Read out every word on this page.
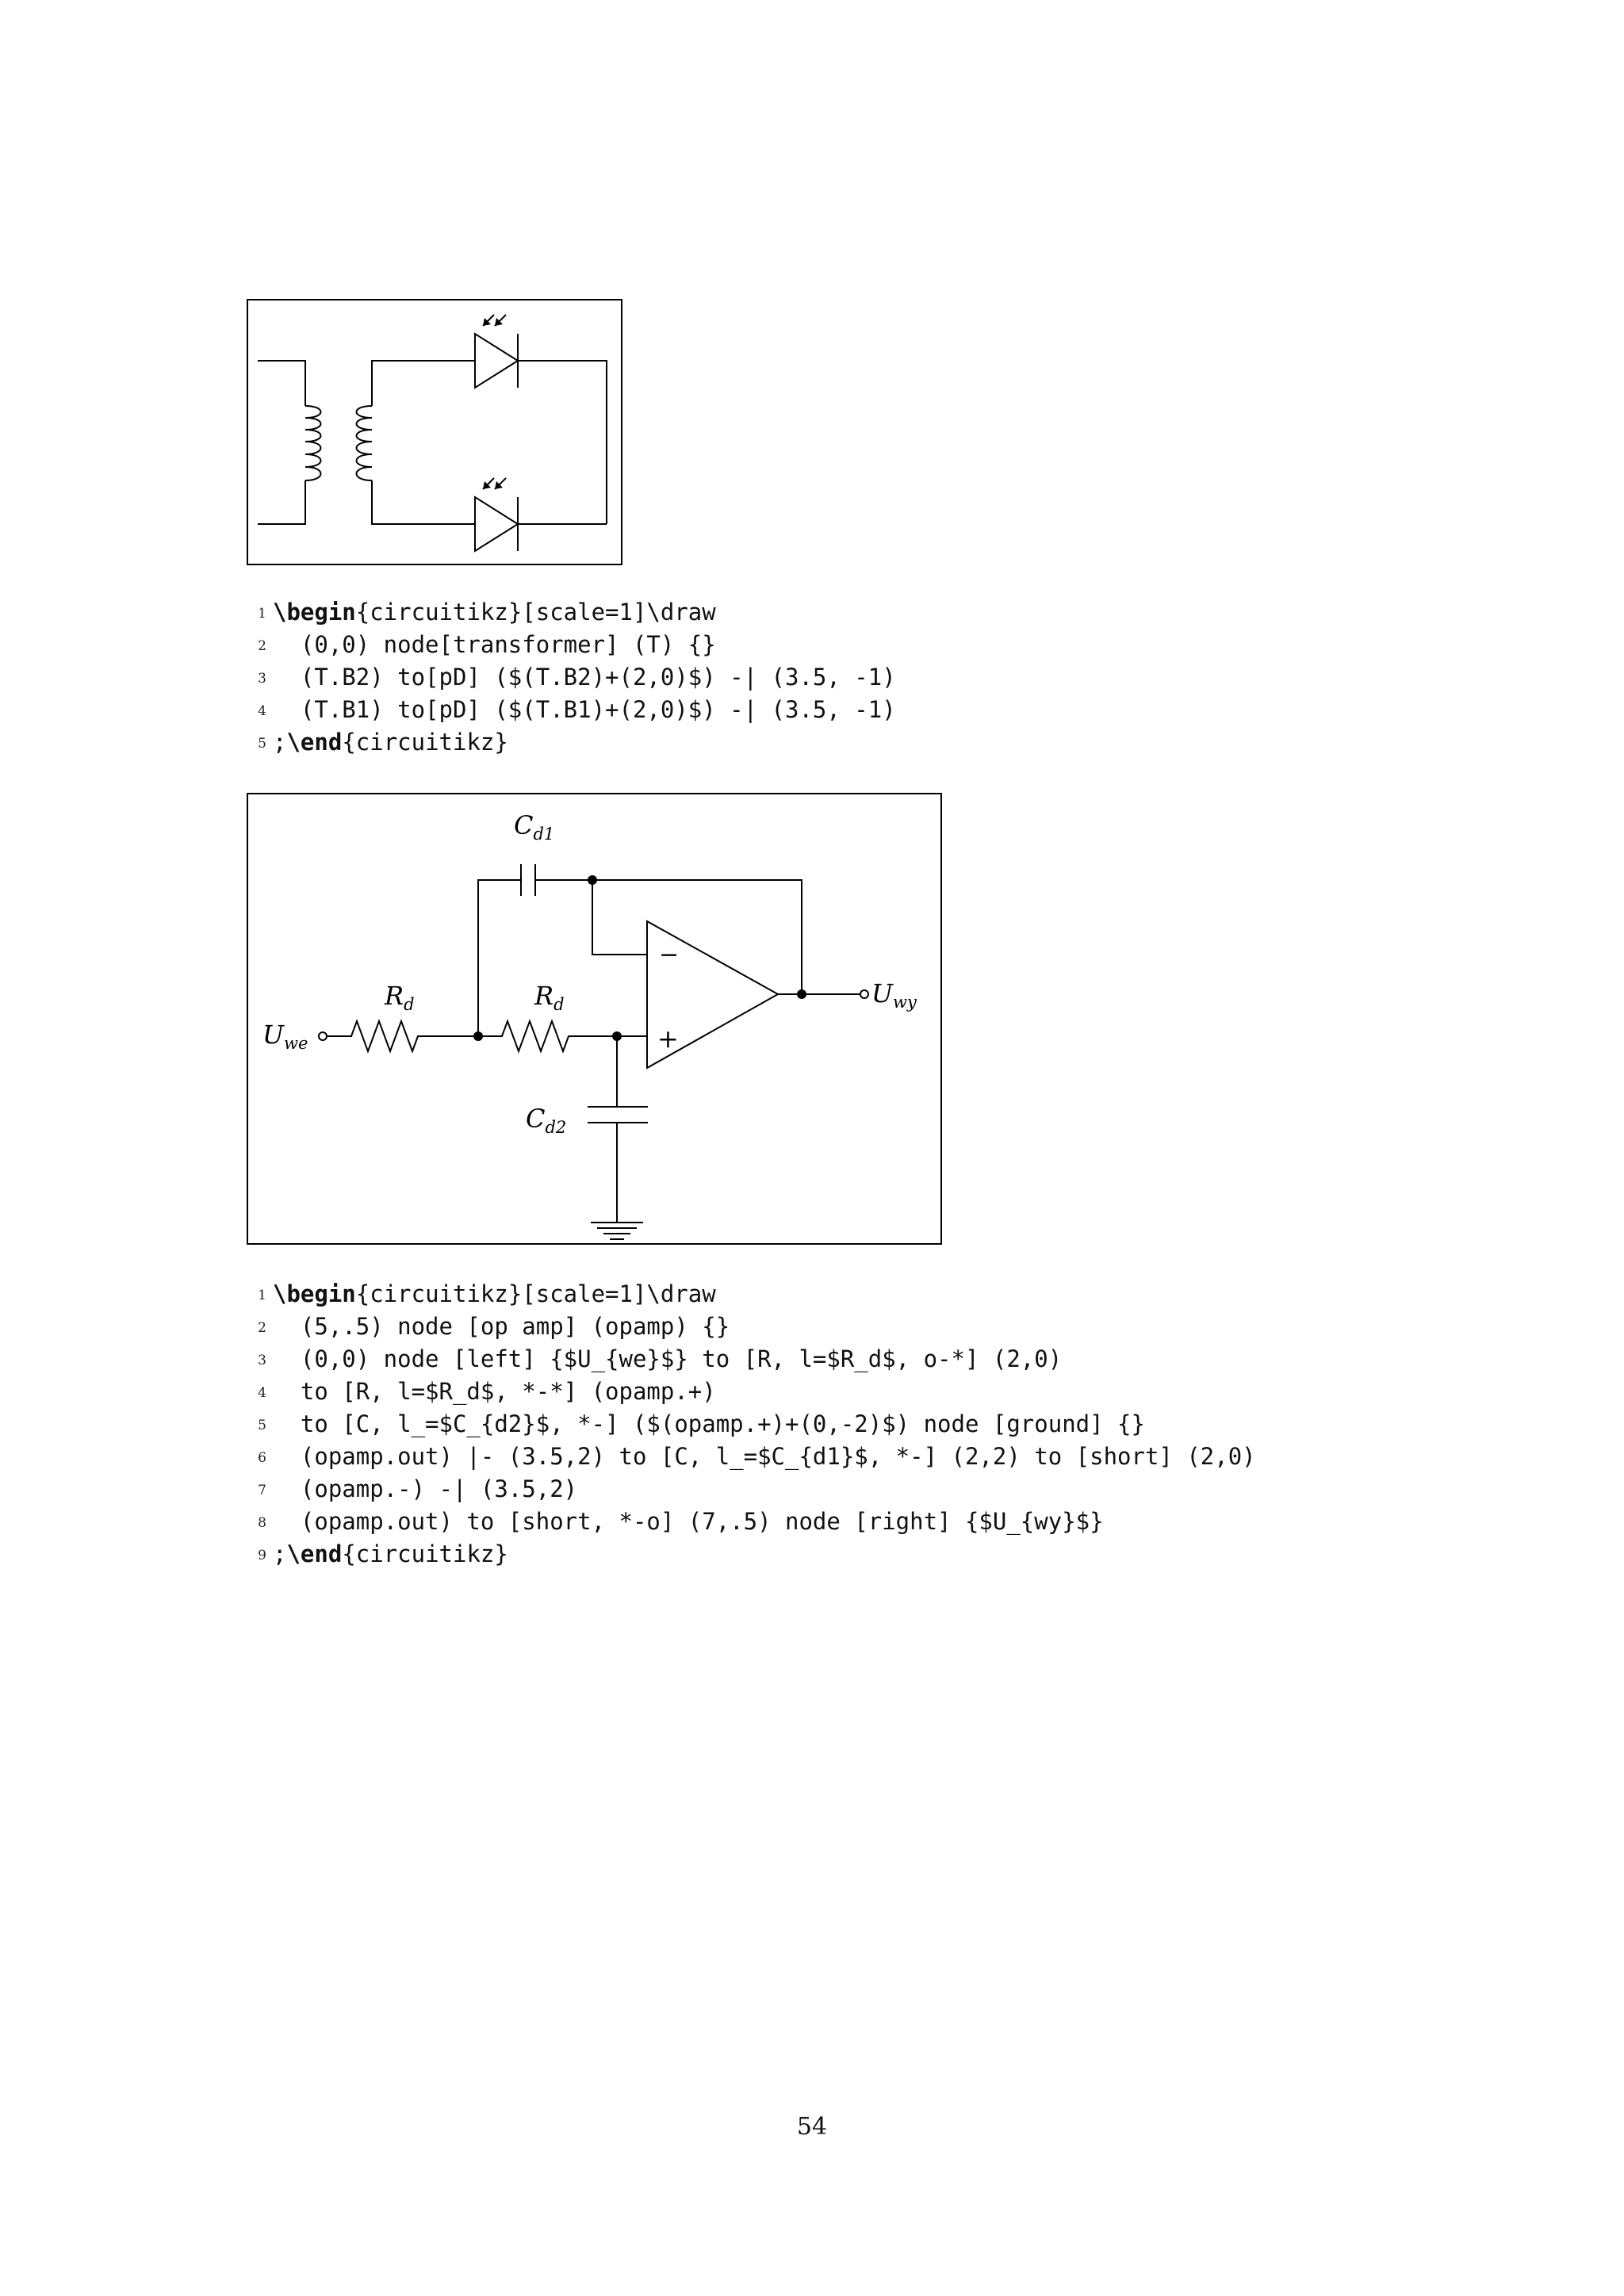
1 \begin{circuitikz}[scale=1]\draw
2 (0,0) node[transformer] (T) {}
3 (T.B2) to[pD] ($(T.B2)+(2,0)$) -| (3.5, -1)
4 (T.B1) to[pD] ($(T.B1)+(2,0)$) -| (3.5, -1)
5 ;\end{circuitikz}
−
+
$C_{d1}$
$C_{d2}$
$R_d$	$R_d$
$U_{we}$
$U_{wy}$
1 \begin{circuitikz}[scale=1]\draw
2 (5,.5) node [op amp] (opamp) {}
3 (0,0) node [left] {$U_{we}$} to [R, l=$R_d$, o-*] (2,0)
4 to [R, l=$R_d$, *-*] (opamp.+)
5 to [C, l_=$C_{d2}$, *-] ($(opamp.+)+(0,-2)$) node [ground] {}
6 (opamp.out) |- (3.5,2) to [C, l_=$C_{d1}$, *-] (2,2) to [short] (2,0)
7 (opamp.-) -| (3.5,2)
8 (opamp.out) to [short, *-o] (7,.5) node [right] {$U_{wy}$}
9 ;\end{circuitikz}
54
